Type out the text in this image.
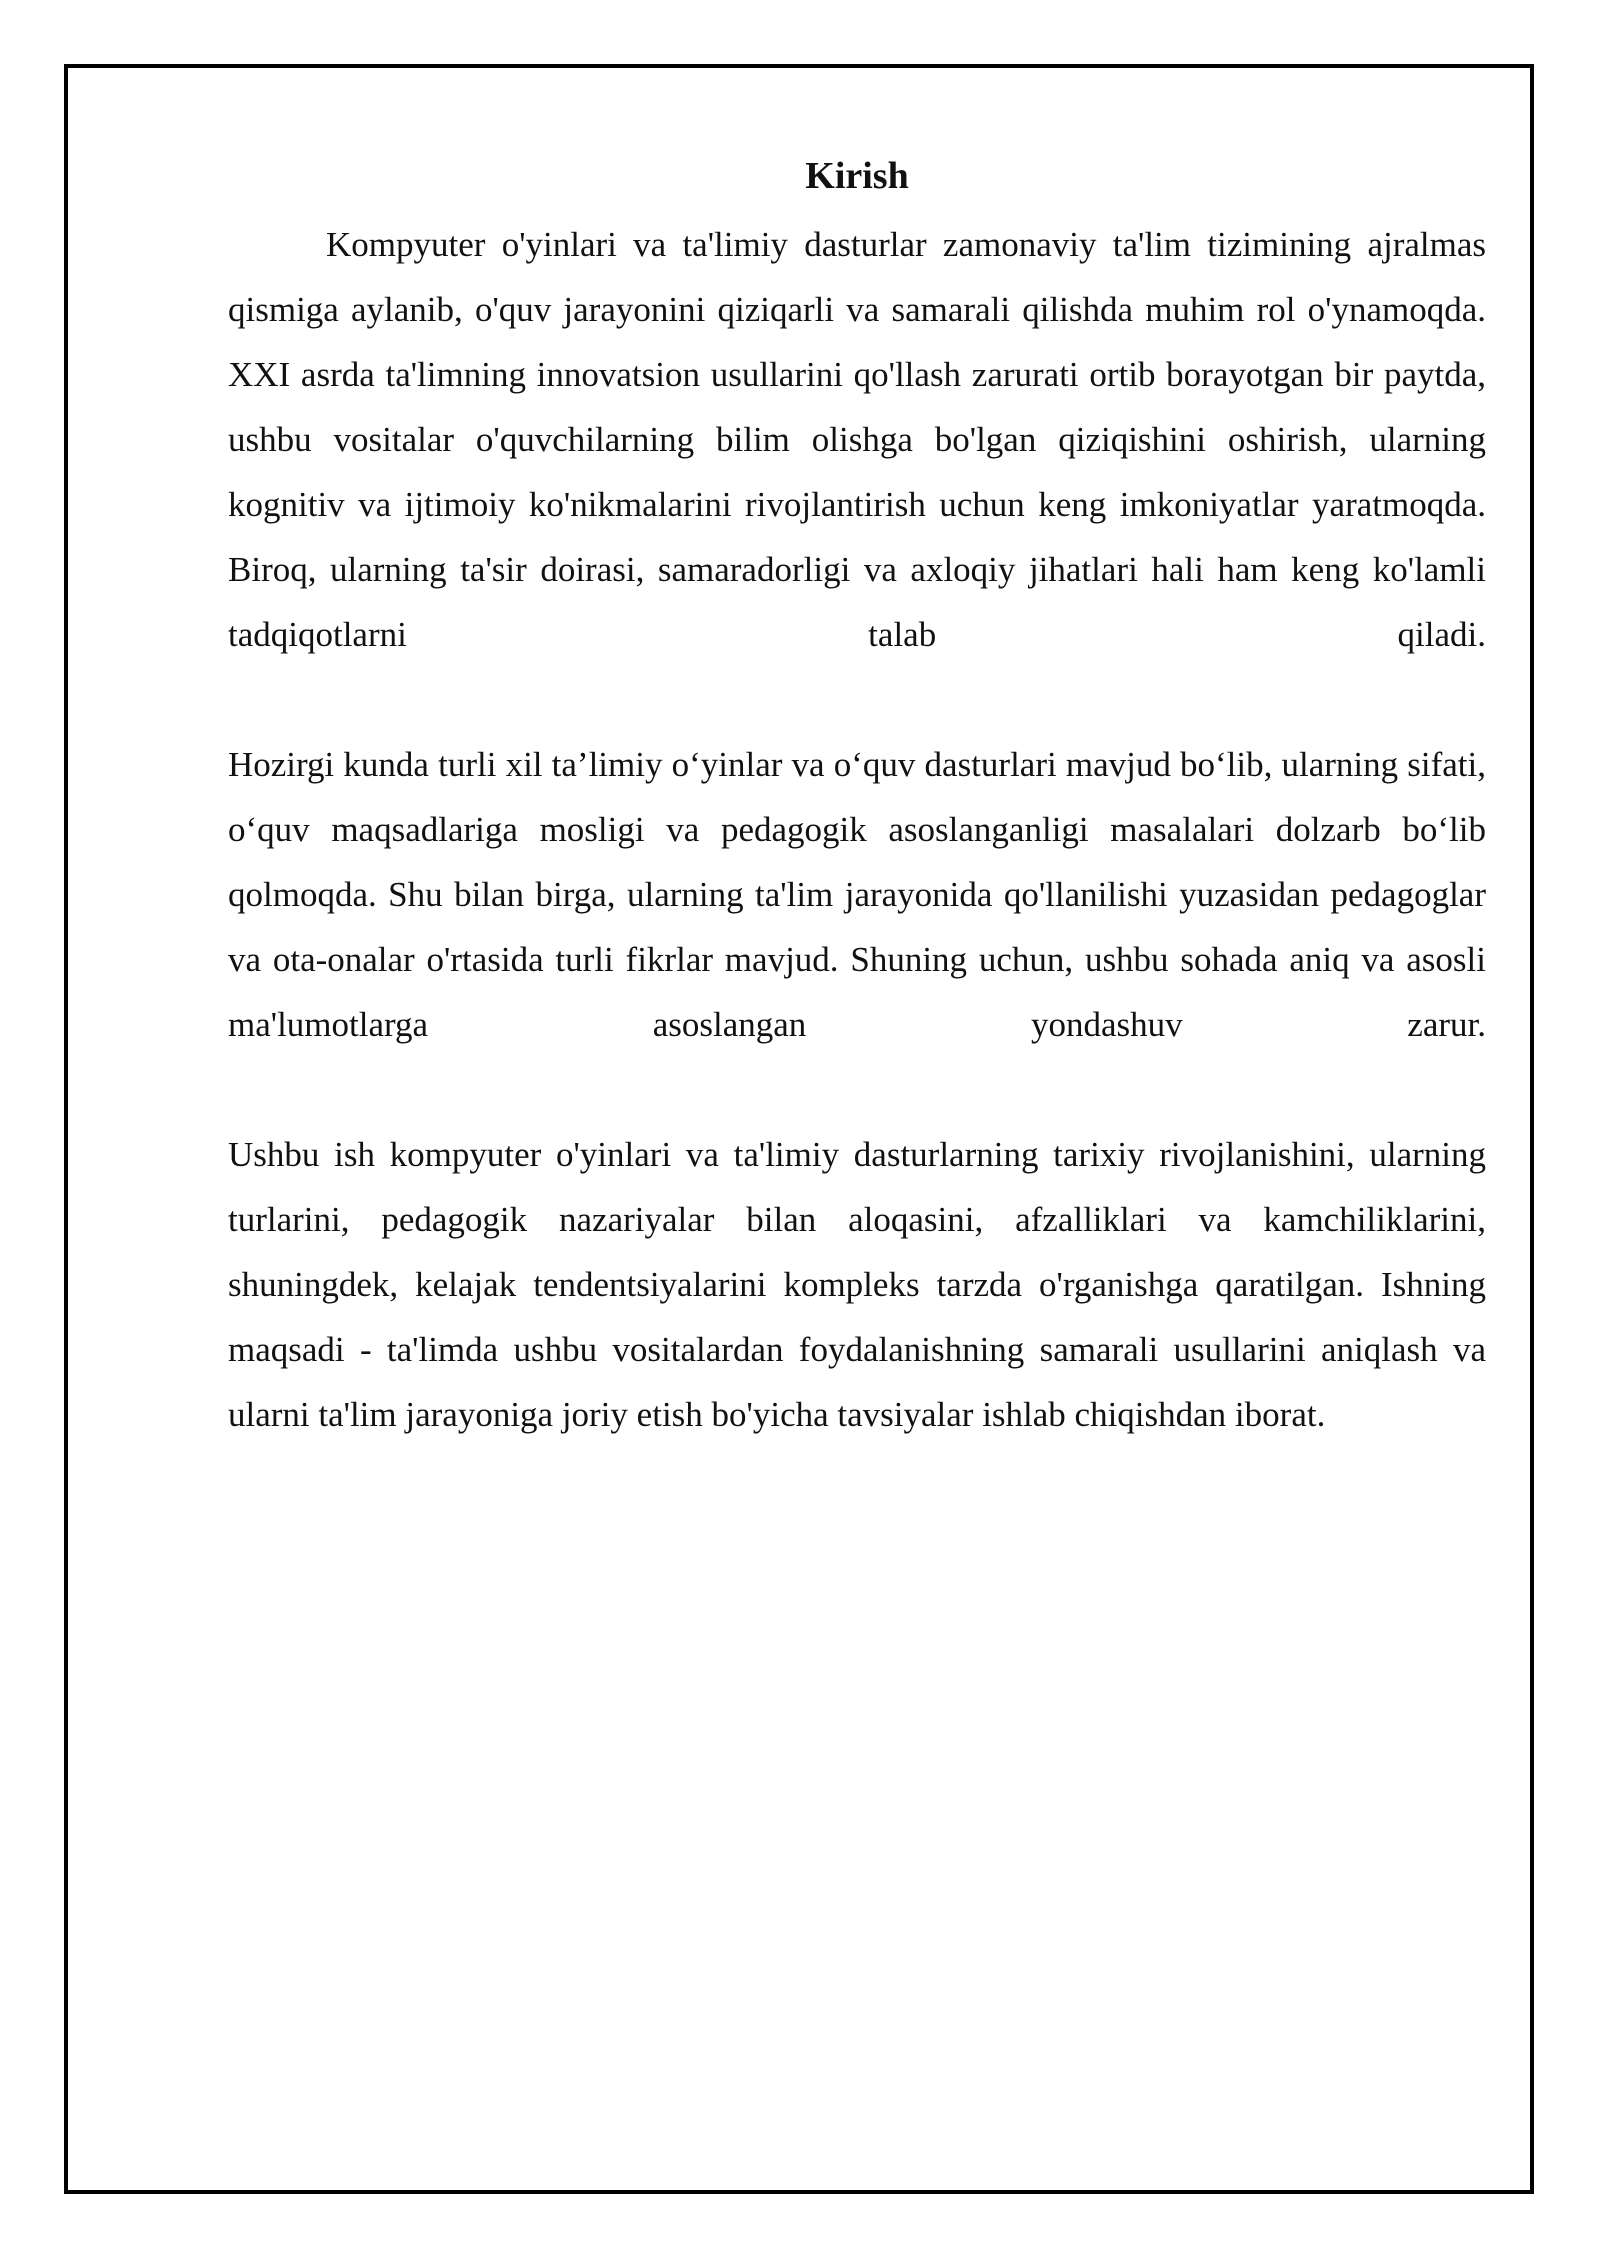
Kirish

Kompyuter o'yinlari va ta'limiy dasturlar zamonaviy ta'lim tizimining ajralmas qismiga aylanib, o'quv jarayonini qiziqarli va samarali qilishda muhim rol o'ynamoqda. XXI asrda ta'limning innovatsion usullarini qo'llash zarurati ortib borayotgan bir paytda, ushbu vositalar o'quvchilarning bilim olishga bo'lgan qiziqishini oshirish, ularning kognitiv va ijtimoiy ko'nikmalarini rivojlantirish uchun keng imkoniyatlar yaratmoqda. Biroq, ularning ta'sir doirasi, samaradorligi va axloqiy jihatlari hali ham keng ko'lamli tadqiqotlarni talab qiladi.

Hozirgi kunda turli xil ta’limiy o‘yinlar va o‘quv dasturlari mavjud bo‘lib, ularning sifati, o‘quv maqsadlariga mosligi va pedagogik asoslanganligi masalalari dolzarb bo‘lib qolmoqda. Shu bilan birga, ularning ta'lim jarayonida qo'llanilishi yuzasidan pedagoglar va ota-onalar o'rtasida turli fikrlar mavjud. Shuning uchun, ushbu sohada aniq va asosli ma'lumotlarga asoslangan yondashuv zarur.

Ushbu ish kompyuter o'yinlari va ta'limiy dasturlarning tarixiy rivojlanishini, ularning turlarini, pedagogik nazariyalar bilan aloqasini, afzalliklari va kamchiliklarini, shuningdek, kelajak tendentsiyalarini kompleks tarzda o'rganishga qaratilgan. Ishning maqsadi - ta'limda ushbu vositalardan foydalanishning samarali usullarini aniqlash va ularni ta'lim jarayoniga joriy etish bo'yicha tavsiyalar ishlab chiqishdan iborat.
